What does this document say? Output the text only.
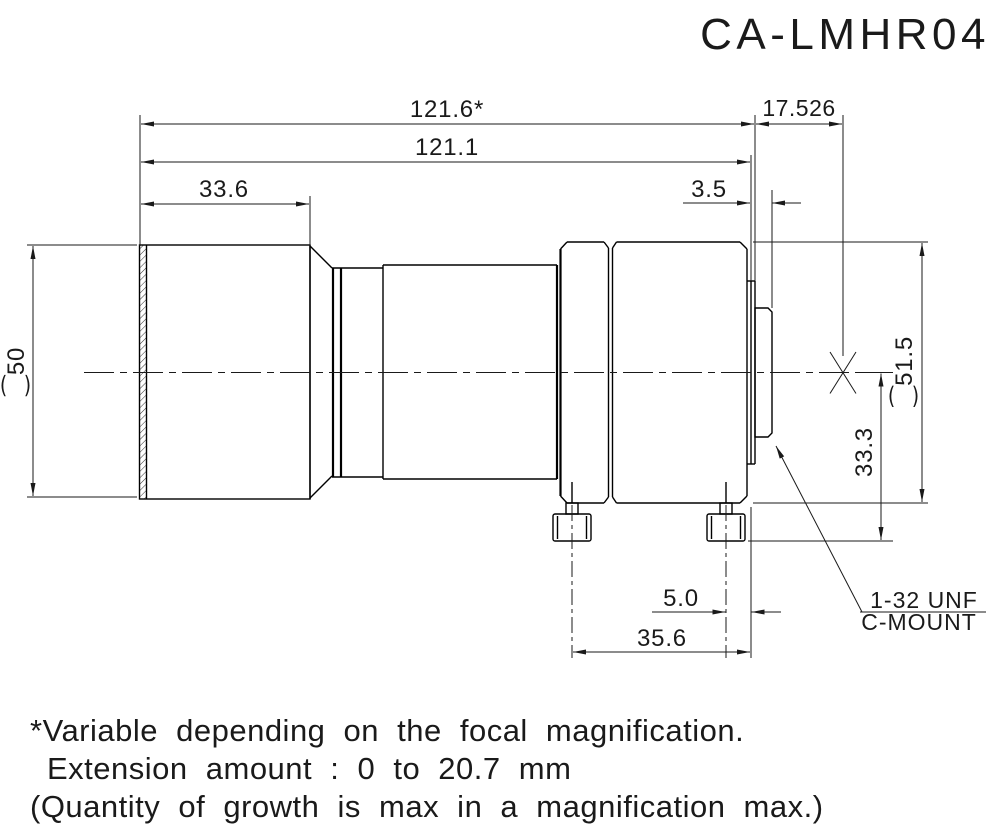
121.6*	17.526
121.1
33.6	3.5
⁐50	⁐51.5
33.3
5.0
35.6
1-32 UNF
C-MOUNT
CA-LMHR04
*Variable depending on the focal magnification.
Extension amount : 0 to 20.7 mm
(Quantity of growth is max in a magnification max.)
